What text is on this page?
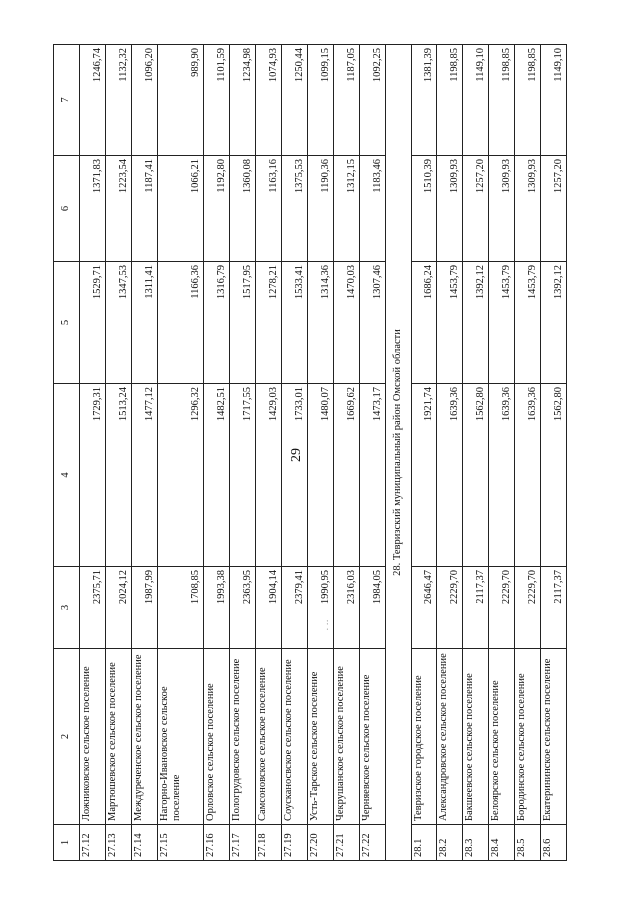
29
· ··
1	2	3	4	5	6	7
27.12	Ложниковское сельское поселение	2375,71	1729,31	1529,71	1371,83	1246,74
27.13	Мартюшевское сельское поселение	2024,12	1513,24	1347,53	1223,54	1132,32
27.14	Междуреченское сельское поселение	1987,99	1477,12	1311,41	1187,41	1096,20
27.15	Нагорно-Ивановское сельское поселение	1708,85	1296,32	1166,36	1066,21	989,90
27.16	Орловское сельское поселение	1993,38	1482,51	1316,79	1192,80	1101,59
27.17	Пологрудовское сельское поселение	2363,95	1717,55	1517,95	1360,08	1234,98
27.18	Самсоновское сельское поселение	1904,14	1429,03	1278,21	1163,16	1074,93
27.19	Соусканосвское сельское поселение	2379,41	1733,01	1533,41	1375,53	1250,44
27.20	Усть-Тарское сельское поселение	1990,95	1480,07	1314,36	1190,36	1099,15
27.21	Чекрушанское сельское поселение	2316,03	1669,62	1470,03	1312,15	1187,05
27.22	Черняевское сельское поселение	1984,05	1473,17	1307,46	1183,46	1092,25
28. Тевризский муниципальный район Омской области						
28.1	Тевризское городское поселение	2646,47	1921,74	1686,24	1510,39	1381,39
28.2	Александровское сельское поселение	2229,70	1639,36	1453,79	1309,93	1198,85
28.3	Бакшеевское сельское поселение	2117,37	1562,80	1392,12	1257,20	1149,10
28.4	Белоярское сельское поселение	2229,70	1639,36	1453,79	1309,93	1198,85
28.5	Бородинское сельское поселение	2229,70	1639,36	1453,79	1309,93	1198,85
28.6	Екатерининское сельское поселение	2117,37	1562,80	1392,12	1257,20	1149,10
